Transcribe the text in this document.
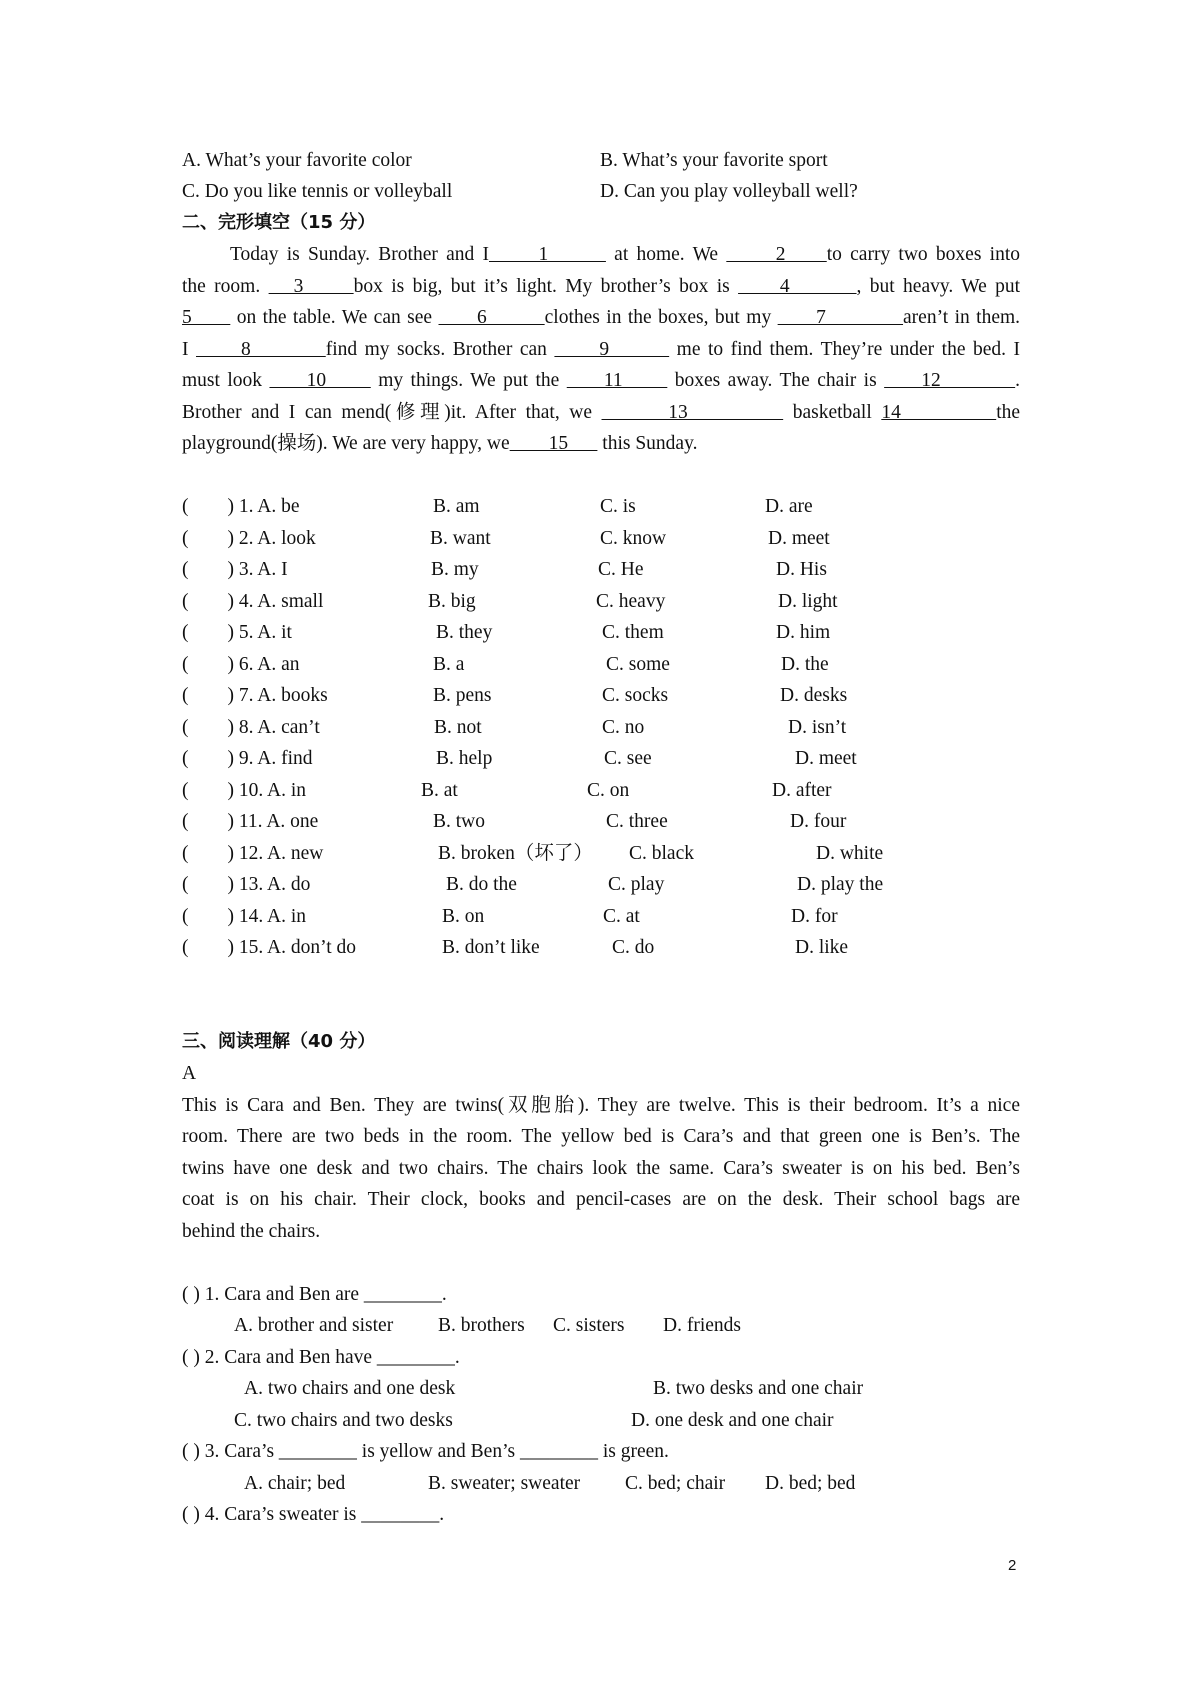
A. What’s your favorite color	B. What’s your favorite sport
C. Do you like tennis or volleyball	D. Can you play volleyball well?
二、完形填空（15 分）
Today is Sunday. Brother and I      1        at home. We       2     to carry two boxes into
the room.    3      box is big, but it’s light. My brother’s box is      4        , but heavy. We put
5       on the table. We can see       6         clothes in the boxes, but my       7            aren’t in them.
I       8          find my socks. Brother can       9         me to find them. They’re under the bed. I
must look      10       my things. We put the      11       boxes away. The chair is      12          .
Brother and I can mend(修理)it. After that, we        13           basketball 14          the
playground(操场). We are very happy, we        15       this Sunday.
(        ) 1. A. be	B. am	C. is	D. are
(        ) 2. A. look	B. want	C. know	D. meet
(        ) 3. A. I	B. my	C. He	D. His
(        ) 4. A. small	B. big	C. heavy	D. light
(        ) 5. A. it	B. they	C. them	D. him
(        ) 6. A. an	B. a	C. some	D. the
(        ) 7. A. books	B. pens	C. socks	D. desks
(        ) 8. A. can’t	B. not	C. no	D. isn’t
(        ) 9. A. find	B. help	C. see	D. meet
(        ) 10. A. in	B. at	C. on	D. after
(        ) 11. A. one	B. two	C. three	D. four
(        ) 12. A. new	B. broken（坏了） C. black	D. white
(        ) 13. A. do	B. do the	C. play	D. play the
(        ) 14. A. in	B. on	C. at	D. for
(        ) 15. A. don’t do	B. don’t like	C. do	D. like
三、阅读理解（40 分）
A
This is Cara and Ben. They are twins(双胞胎). They are twelve. This is their bedroom. It’s a nice
room. There are two beds in the room. The yellow bed is Cara’s and that green one is Ben’s. The
twins have one desk and two chairs. The chairs look the same. Cara’s sweater is on his bed. Ben’s
coat is on his chair. Their clock, books and pencil-cases are on the desk. Their school bags are
behind the chairs.
( ) 1. Cara and Ben are ________.
A. brother and sister B. brothers C. sisters D. friends
( ) 2. Cara and Ben have ________.
A. two chairs and one desk	B. two desks and one chair
C. two chairs and two desks	D. one desk and one chair
( ) 3. Cara’s ________ is yellow and Ben’s ________ is green.
A. chair; bed	B. sweater; sweater C. bed; chair D. bed; bed
( ) 4. Cara’s sweater is ________.
2
